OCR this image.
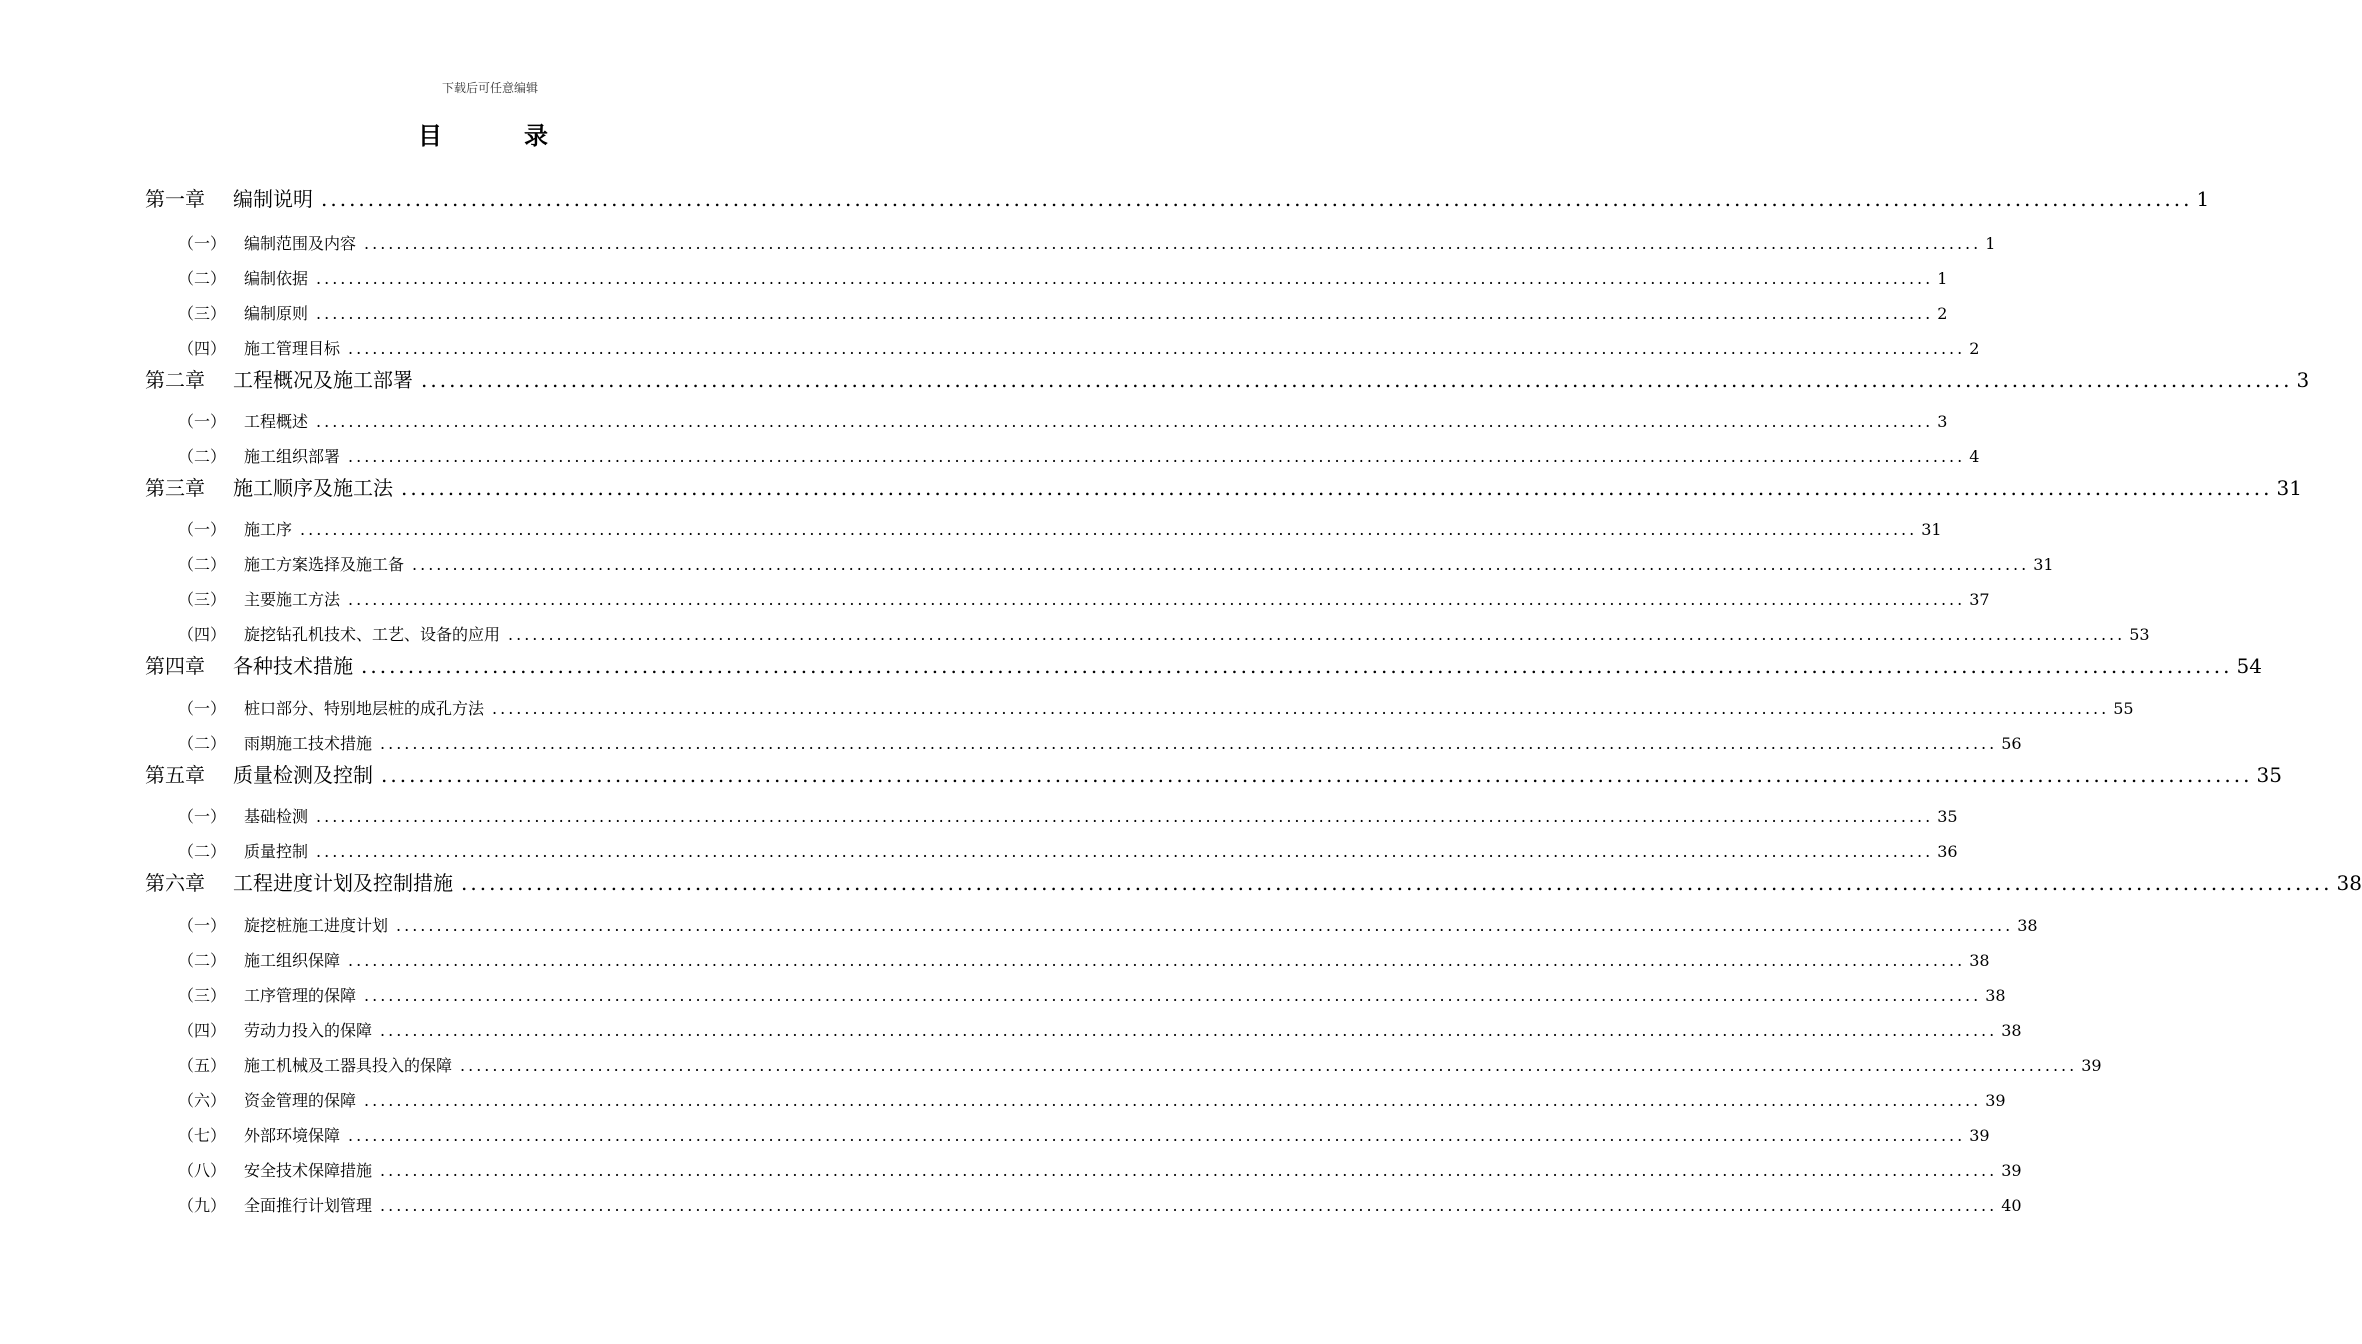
下载后可任意编辑
目	录
第一章	编制说明 ........................................................................................................................................................................................................ 1
（一）	编制范围及内容 ........................................................................................................................................................................................................ 1
（二）	编制依据 ........................................................................................................................................................................................................ 1
（三）	编制原则 ........................................................................................................................................................................................................ 2
（四）	施工管理目标 ........................................................................................................................................................................................................ 2
第二章	工程概况及施工部署 ........................................................................................................................................................................................................ 3
（一）	工程概述 ........................................................................................................................................................................................................ 3
（二）	施工组织部署 ........................................................................................................................................................................................................ 4
第三章	施工顺序及施工法 ........................................................................................................................................................................................................ 31
（一）	施工序 ........................................................................................................................................................................................................ 31
（二）	施工方案选择及施工备 ........................................................................................................................................................................................................ 31
（三）	主要施工方法 ........................................................................................................................................................................................................ 37
（四）	旋挖钻孔机技术、工艺、设备的应用 ........................................................................................................................................................................................................ 53
第四章	各种技术措施 ........................................................................................................................................................................................................ 54
（一）	桩口部分、特别地层桩的成孔方法 ........................................................................................................................................................................................................ 55
（二）	雨期施工技术措施 ........................................................................................................................................................................................................ 56
第五章	质量检测及控制 ........................................................................................................................................................................................................ 35
（一）	基础检测 ........................................................................................................................................................................................................ 35
（二）	质量控制 ........................................................................................................................................................................................................ 36
第六章	工程进度计划及控制措施 ........................................................................................................................................................................................................ 38
（一）	旋挖桩施工进度计划 ........................................................................................................................................................................................................ 38
（二）	施工组织保障 ........................................................................................................................................................................................................ 38
（三）	工序管理的保障 ........................................................................................................................................................................................................ 38
（四）	劳动力投入的保障 ........................................................................................................................................................................................................ 38
（五）	施工机械及工器具投入的保障 ........................................................................................................................................................................................................ 39
（六）	资金管理的保障 ........................................................................................................................................................................................................ 39
（七）	外部环境保障 ........................................................................................................................................................................................................ 39
（八）	安全技术保障措施 ........................................................................................................................................................................................................ 39
（九）	全面推行计划管理 ........................................................................................................................................................................................................ 40
